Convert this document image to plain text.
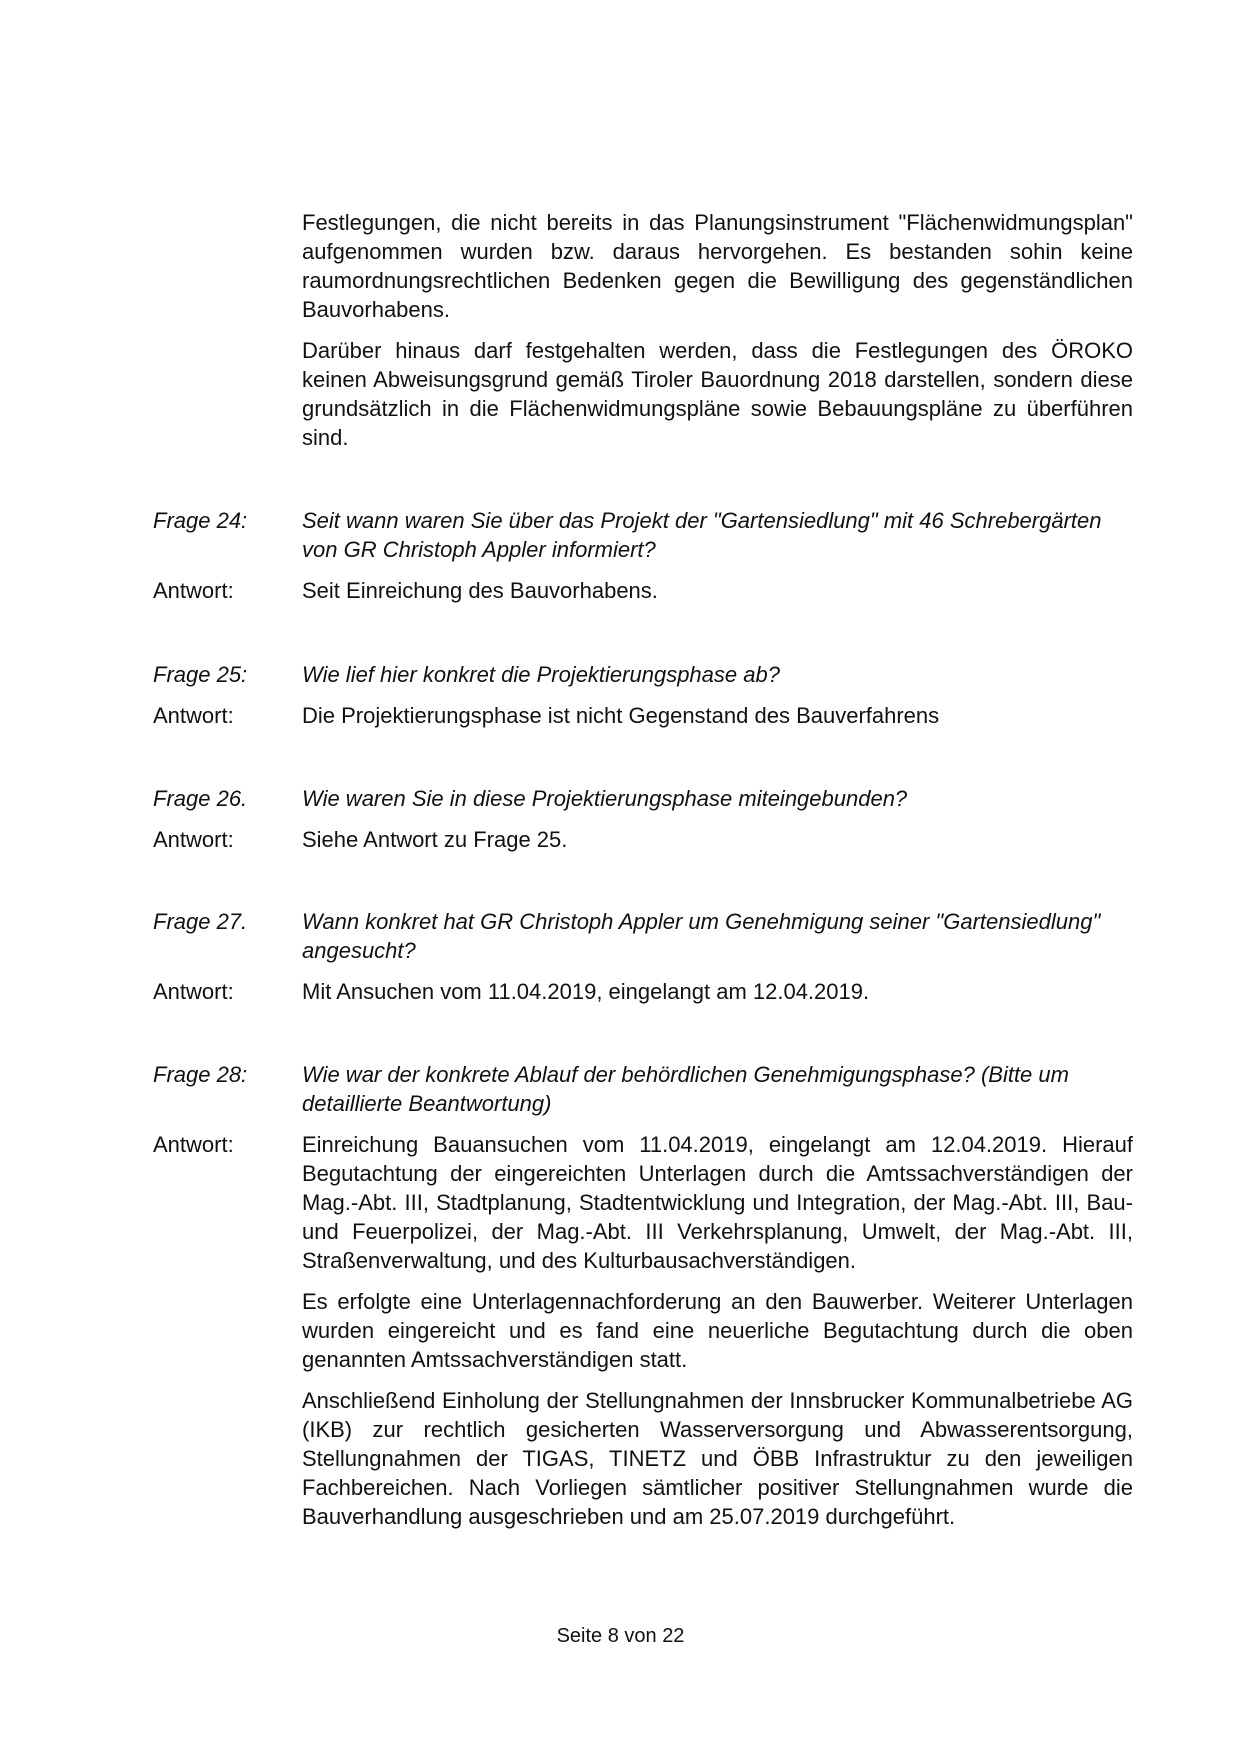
Festlegungen, die nicht bereits in das Planungsinstrument "Flächenwidmungsplan" aufgenommen wurden bzw. daraus hervorgehen. Es bestanden sohin keine raumordnungsrechtlichen Bedenken gegen die Bewilligung des gegenständlichen Bauvorhabens.

Darüber hinaus darf festgehalten werden, dass die Festlegungen des ÖROKO keinen Abweisungsgrund gemäß Tiroler Bauordnung 2018 darstellen, sondern diese grundsätzlich in die Flächenwidmungspläne sowie Bebauungspläne zu überführen sind.

Frage 24:	Seit wann waren Sie über das Projekt der "Gartensiedlung" mit 46 Schrebergärten von GR Christoph Appler informiert?
Antwort:	Seit Einreichung des Bauvorhabens.

Frage 25:	Wie lief hier konkret die Projektierungsphase ab?
Antwort:	Die Projektierungsphase ist nicht Gegenstand des Bauverfahrens

Frage 26.	Wie waren Sie in diese Projektierungsphase miteingebunden?
Antwort:	Siehe Antwort zu Frage 25.

Frage 27.	Wann konkret hat GR Christoph Appler um Genehmigung seiner "Gartensiedlung" angesucht?
Antwort:	Mit Ansuchen vom 11.04.2019, eingelangt am 12.04.2019.

Frage 28:	Wie war der konkrete Ablauf der behördlichen Genehmigungsphase? (Bitte um detaillierte Beantwortung)
Antwort:	Einreichung Bauansuchen vom 11.04.2019, eingelangt am 12.04.2019. Hierauf Begutachtung der eingereichten Unterlagen durch die Amtssachverständigen der Mag.-Abt. III, Stadtplanung, Stadtentwicklung und Integration, der Mag.-Abt. III, Bau- und Feuerpolizei, der Mag.-Abt. III Verkehrsplanung, Umwelt, der Mag.-Abt. III, Straßenverwaltung, und des Kulturbausachverständigen.

Es erfolgte eine Unterlagennachforderung an den Bauwerber. Weiterer Unterlagen wurden eingereicht und es fand eine neuerliche Begutachtung durch die oben genannten Amtssachverständigen statt.

Anschließend Einholung der Stellungnahmen der Innsbrucker Kommunalbetriebe AG (IKB) zur rechtlich gesicherten Wasserversorgung und Abwasserentsorgung, Stellungnahmen der TIGAS, TINETZ und ÖBB Infrastruktur zu den jeweiligen Fachbereichen. Nach Vorliegen sämtlicher positiver Stellungnahmen wurde die Bauverhandlung ausgeschrieben und am 25.07.2019 durchgeführt.

Seite 8 von 22
